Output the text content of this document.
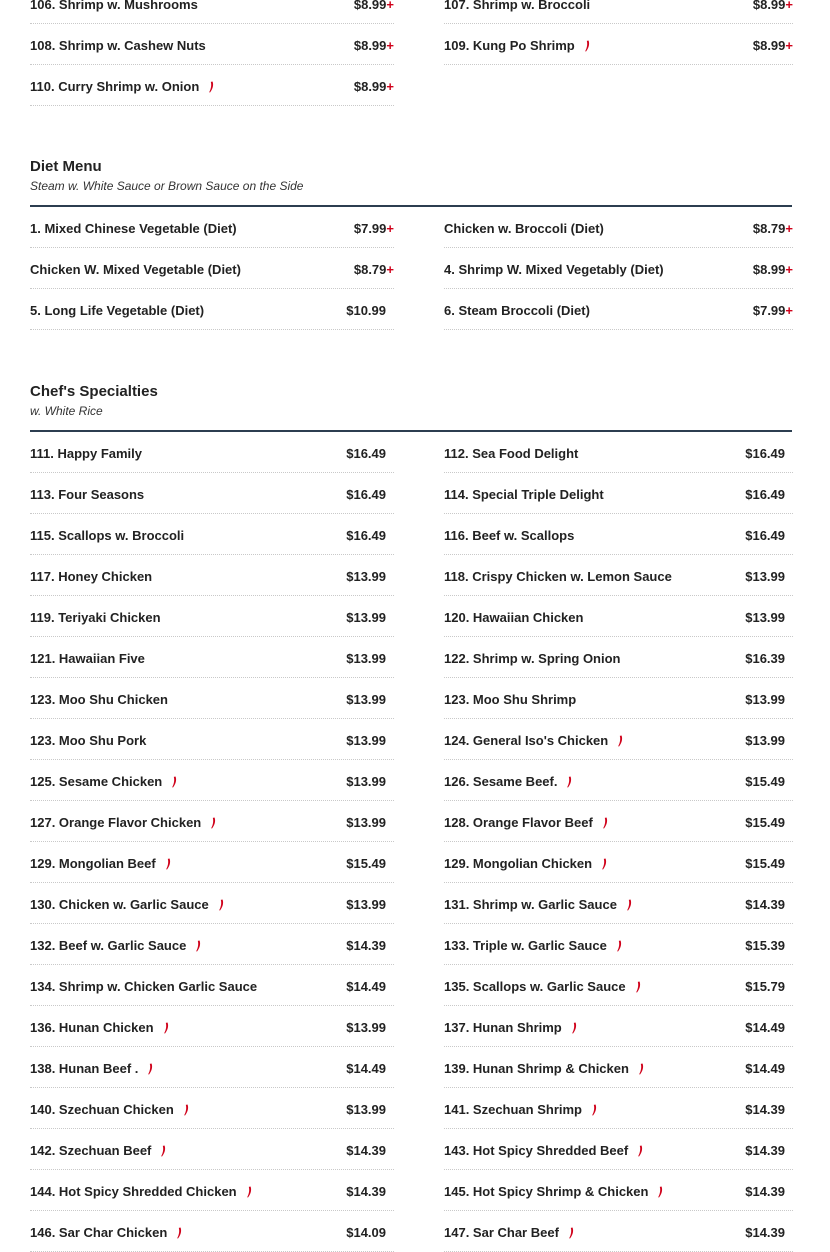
106. Shrimp w. Mushrooms	$8.99+	107. Shrimp w. Broccoli	$8.99+
108. Shrimp w. Cashew Nuts	$8.99+	109. Kung Po Shrimp	$8.99+
110. Curry Shrimp w. Onion	$8.99+
Diet Menu
Steam w. White Sauce or Brown Sauce on the Side
1. Mixed Chinese Vegetable (Diet)	$7.99+	Chicken w. Broccoli (Diet)	$8.79+
Chicken W. Mixed Vegetable (Diet)	$8.79+	4. Shrimp W. Mixed Vegetably (Diet)	$8.99+
5. Long Life Vegetable (Diet)	$10.99	6. Steam Broccoli (Diet)	$7.99+
Chef's Specialties
w. White Rice
111. Happy Family	$16.49	112. Sea Food Delight	$16.49
113. Four Seasons	$16.49	114. Special Triple Delight	$16.49
115. Scallops w. Broccoli	$16.49	116. Beef w. Scallops	$16.49
117. Honey Chicken	$13.99	118. Crispy Chicken w. Lemon Sauce	$13.99
119. Teriyaki Chicken	$13.99	120. Hawaiian Chicken	$13.99
121. Hawaiian Five	$13.99	122. Shrimp w. Spring Onion	$16.39
123. Moo Shu Chicken	$13.99	123. Moo Shu Shrimp	$13.99
123. Moo Shu Pork	$13.99	124. General Iso's Chicken	$13.99
125. Sesame Chicken	$13.99	126. Sesame Beef.	$15.49
127. Orange Flavor Chicken	$13.99	128. Orange Flavor Beef	$15.49
129. Mongolian Beef	$15.49	129. Mongolian Chicken	$15.49
130. Chicken w. Garlic Sauce	$13.99	131. Shrimp w. Garlic Sauce	$14.39
132. Beef w. Garlic Sauce	$14.39	133. Triple w. Garlic Sauce	$15.39
134. Shrimp w. Chicken Garlic Sauce	$14.49	135. Scallops w. Garlic Sauce	$15.79
136. Hunan Chicken	$13.99	137. Hunan Shrimp	$14.49
138. Hunan Beef .	$14.49	139. Hunan Shrimp & Chicken	$14.49
140. Szechuan Chicken	$13.99	141. Szechuan Shrimp	$14.39
142. Szechuan Beef	$14.39	143. Hot Spicy Shredded Beef	$14.39
144. Hot Spicy Shredded Chicken	$14.39	145. Hot Spicy Shrimp & Chicken	$14.39
146. Sar Char Chicken	$14.09	147. Sar Char Beef	$14.39
